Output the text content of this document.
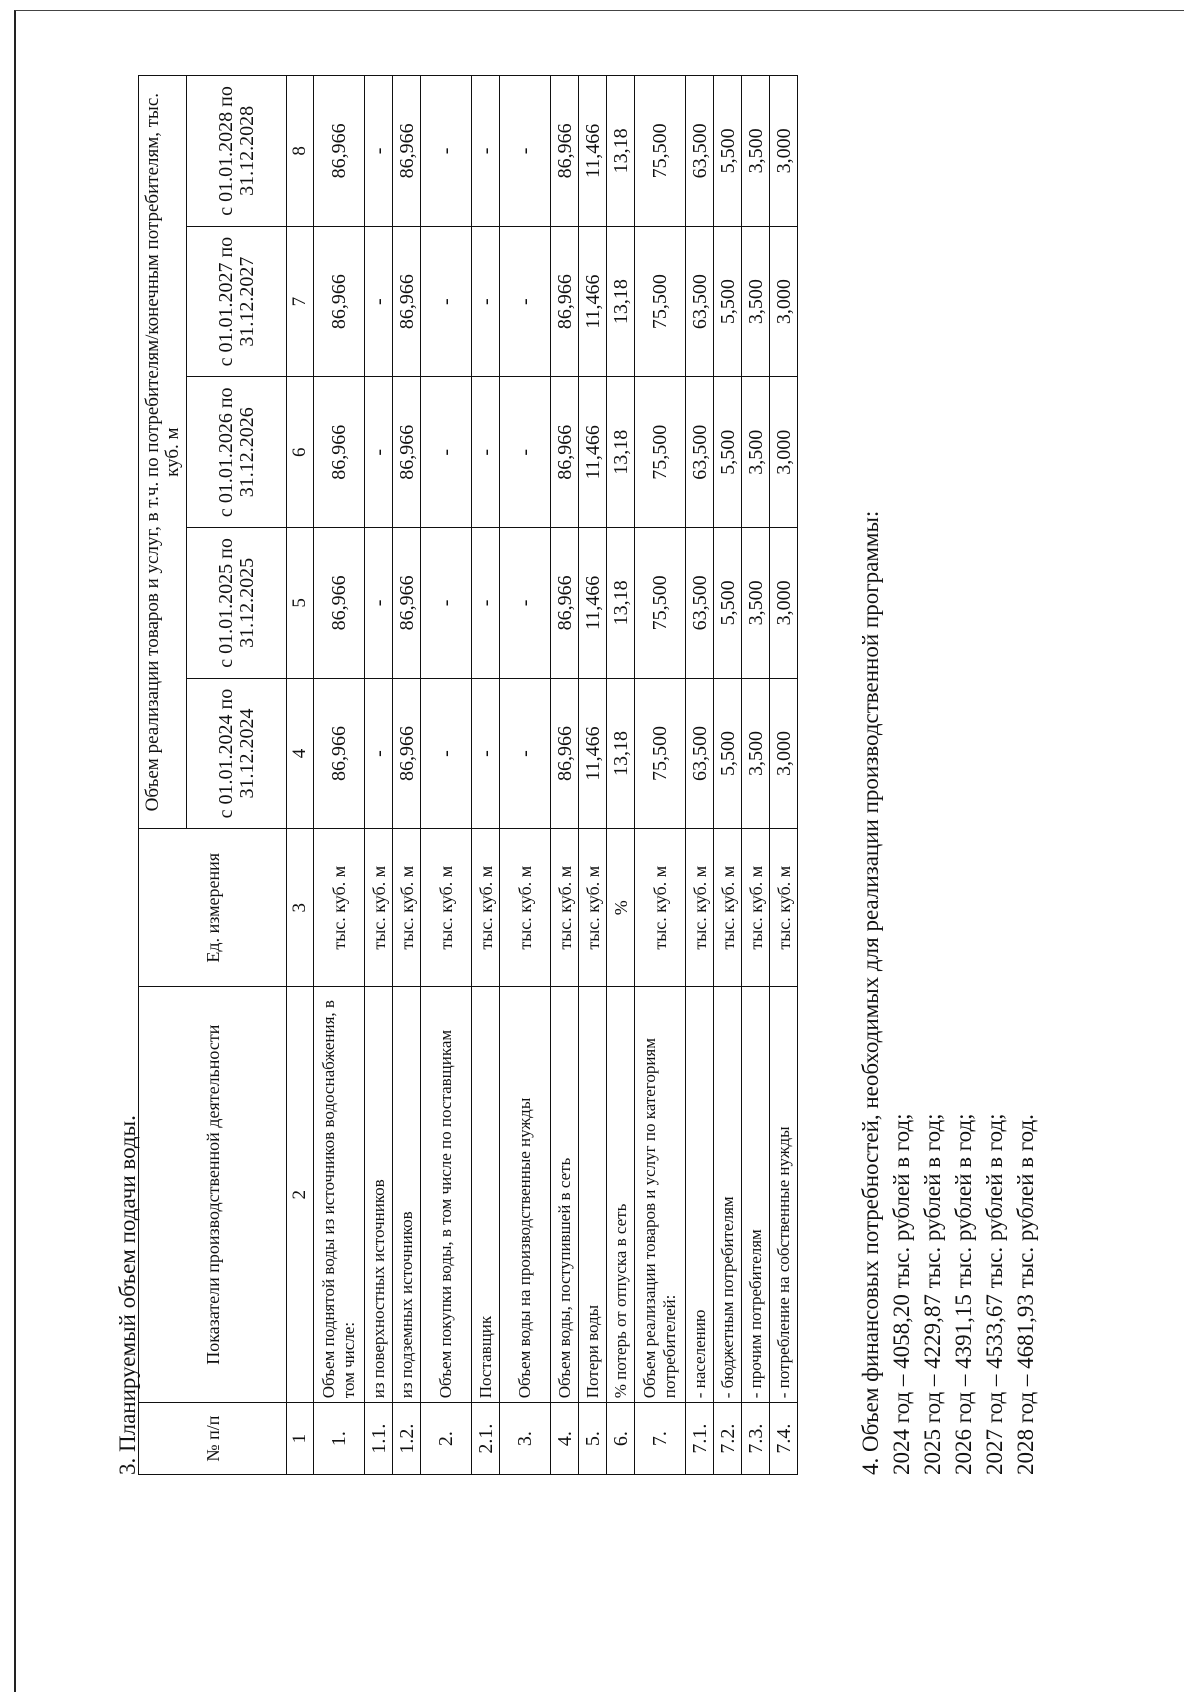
3. Планируемый объем подачи воды.	№ п/п	Показатели производственной деятельности	Ед. измерения	Объем реализации товаров и услуг, в т.ч. по потребителям/конечным потребителям, тыс. куб. м				
			с 01.01.2024 по 31.12.2024	с 01.01.2025 по 31.12.2025	с 01.01.2026 по 31.12.2026	с 01.01.2027 по 31.12.2027	с 01.01.2028 по 31.12.2028
1	2	3	4	5	6	7	8
1.	Объем поднятой воды из источников водоснабжения, в том числе:	тыс. куб. м	86,966	86,966	86,966	86,966	86,966
1.1.	из поверхностных источников	тыс. куб. м	-	-	-	-	-
1.2.	из подземных источников	тыс. куб. м	86,966	86,966	86,966	86,966	86,966
2.	Объем покупки воды, в том числе по поставщикам	тыс. куб. м	-	-	-	-	-
2.1.	Поставщик	тыс. куб. м	-	-	-	-	-
3.	Объем воды на производственные нужды	тыс. куб. м	-	-	-	-	-
4.	Объем воды, поступившей в сеть	тыс. куб. м	86,966	86,966	86,966	86,966	86,966
5.	Потери воды	тыс. куб. м	11,466	11,466	11,466	11,466	11,466
6.	% потерь от отпуска в сеть	%	13,18	13,18	13,18	13,18	13,18
7.	Объем реализации товаров и услуг по категориям потребителей:	тыс. куб. м	75,500	75,500	75,500	75,500	75,500
7.1.	- населению	тыс. куб. м	63,500	63,500	63,500	63,500	63,500
7.2.	- бюджетным потребителям	тыс. куб. м	5,500	5,500	5,500	5,500	5,500
7.3.	- прочим потребителям	тыс. куб. м	3,500	3,500	3,500	3,500	3,500
7.4.	- потребление на собственные нужды	тыс. куб. м	3,000	3,000	3,000	3,000	3,000
4. Объем финансовых потребностей, необходимых для реализации производственной программы: 2024 год – 4058,20 тыс. рублей в год; 2025 год – 4229,87 тыс. рублей в год; 2026 год – 4391,15 тыс. рублей в год; 2027 год – 4533,67 тыс. рублей в год; 2028 год – 4681,93 тыс. рублей в год.
